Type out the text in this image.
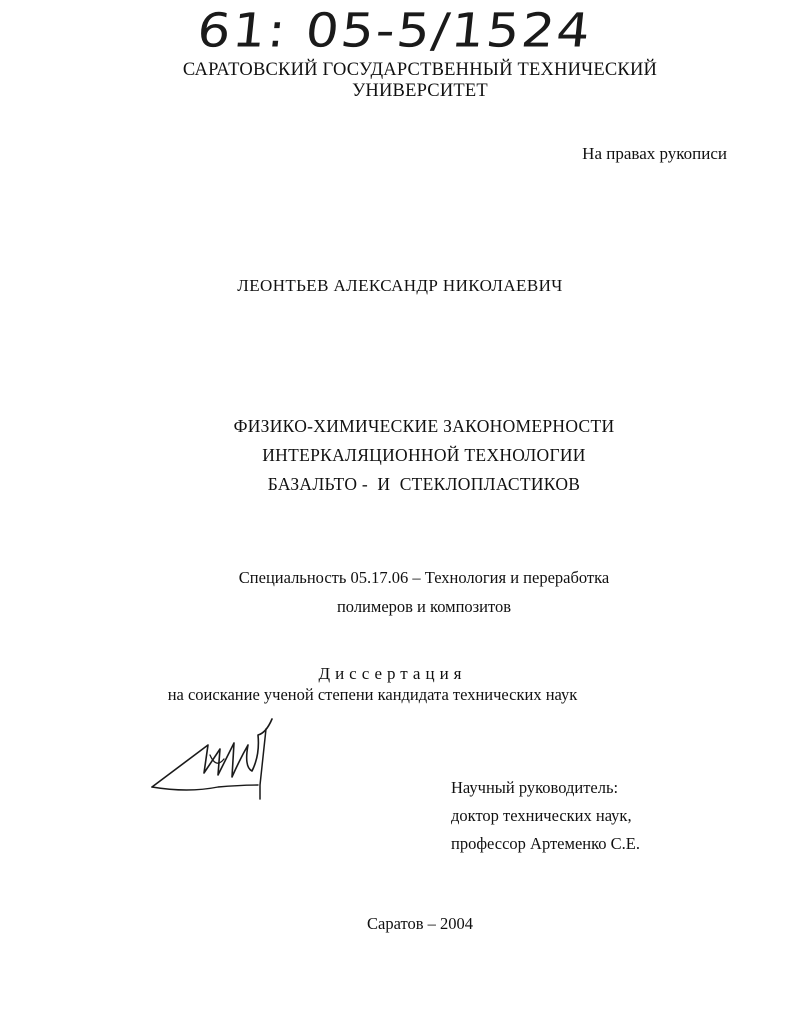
61: 05-5/1524
САРАТОВСКИЙ ГОСУДАРСТВЕННЫЙ ТЕХНИЧЕСКИЙ
УНИВЕРСИТЕТ
На правах рукописи
ЛЕОНТЬЕВ АЛЕКСАНДР НИКОЛАЕВИЧ
ФИЗИКО-ХИМИЧЕСКИЕ ЗАКОНОМЕРНОСТИ
ИНТЕРКАЛЯЦИОННОЙ ТЕХНОЛОГИИ
БАЗАЛЬТО -  И  СТЕКЛОПЛАСТИКОВ
Специальность 05.17.06 – Технология и переработка
полимеров и композитов
Диссертация
на соискание ученой степени кандидата технических наук
Научный руководитель:
доктор технических наук,
профессор Артеменко С.Е.
Саратов – 2004
